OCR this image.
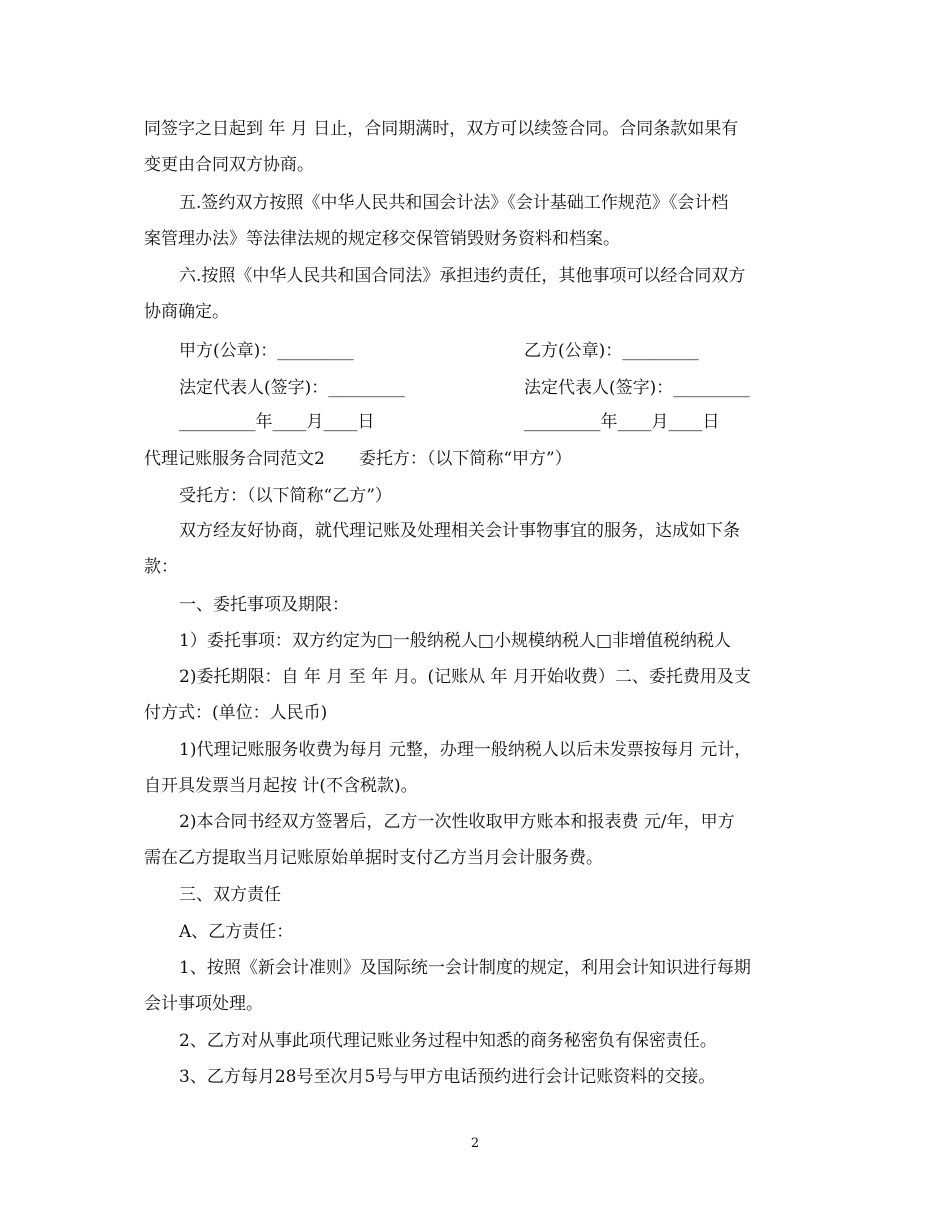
同签字之日起到 年 月 日止，合同期满时，双方可以续签合同。合同条款如果有
变更由合同双方协商。
五.签约双方按照《中华人民共和国会计法》《会计基础工作规范》《会计档
案管理办法》等法律法规的规定移交保管销毁财务资料和档案。
六.按照《中华人民共和国合同法》承担违约责任，其他事项可以经合同双方
协商确定。
甲方(公章)：_________	乙方(公章)：_________
法定代表人(签字)：_________	法定代表人(签字)：_________
_________年____月____日	_________年____月____日
代理记账服务合同范文2　　委托方：（以下简称“甲方”）
受托方：（以下简称“乙方”）
双方经友好协商，就代理记账及处理相关会计事物事宜的服务，达成如下条
款：
一、委托事项及期限：
1）委托事项：双方约定为□一般纳税人□小规模纳税人□非增值税纳税人
2)委托期限：自 年 月 至 年 月。(记账从 年 月开始收费）二、委托费用及支
付方式：(单位：人民币)
1)代理记账服务收费为每月 元整，办理一般纳税人以后未发票按每月 元计，
自开具发票当月起按 计(不含税款)。
2)本合同书经双方签署后，乙方一次性收取甲方账本和报表费 元/年，甲方
需在乙方提取当月记账原始单据时支付乙方当月会计服务费。
三、双方责任
A、乙方责任：
1、按照《新会计准则》及国际统一会计制度的规定，利用会计知识进行每期
会计事项处理。
2、乙方对从事此项代理记账业务过程中知悉的商务秘密负有保密责任。
3、乙方每月28号至次月5号与甲方电话预约进行会计记账资料的交接。
2
